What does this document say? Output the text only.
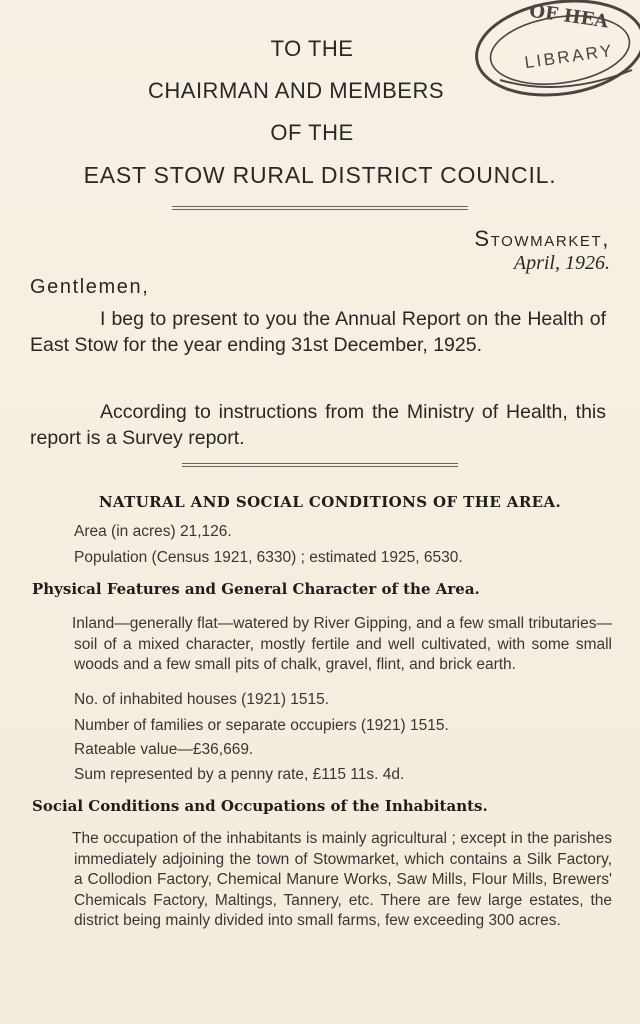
OF HEA
LIBRARY
TO THE
CHAIRMAN AND MEMBERS
OF THE
EAST STOW RURAL DISTRICT COUNCIL.
Stowmarket,
April, 1926.
Gentlemen,
I beg to present to you the Annual Report on the Health of East Stow for the year ending 31st December, 1925.
According to instructions from the Ministry of Health, this report is a Survey report.
NATURAL AND SOCIAL CONDITIONS OF THE AREA.
Area (in acres) 21,126.
Population (Census 1921, 6330) ; estimated 1925, 6530.
Physical Features and General Character of the Area.
Inland—generally flat—watered by River Gipping, and a few small tributaries—soil of a mixed character, mostly fertile and well cultivated, with some small woods and a few small pits of chalk, gravel, flint, and brick earth.
No. of inhabited houses (1921) 1515.
Number of families or separate occupiers (1921) 1515.
Rateable value—£36,669.
Sum represented by a penny rate, £115 11s. 4d.
Social Conditions and Occupations of the Inhabitants.
The occupation of the inhabitants is mainly agricultural ; except in the parishes immediately adjoining the town of Stowmarket, which contains a Silk Factory, a Collodion Factory, Chemical Manure Works, Saw Mills, Flour Mills, Brewers' Chemicals Factory, Maltings, Tannery, etc. There are few large estates, the district being mainly divided into small farms, few exceeding 300 acres.
